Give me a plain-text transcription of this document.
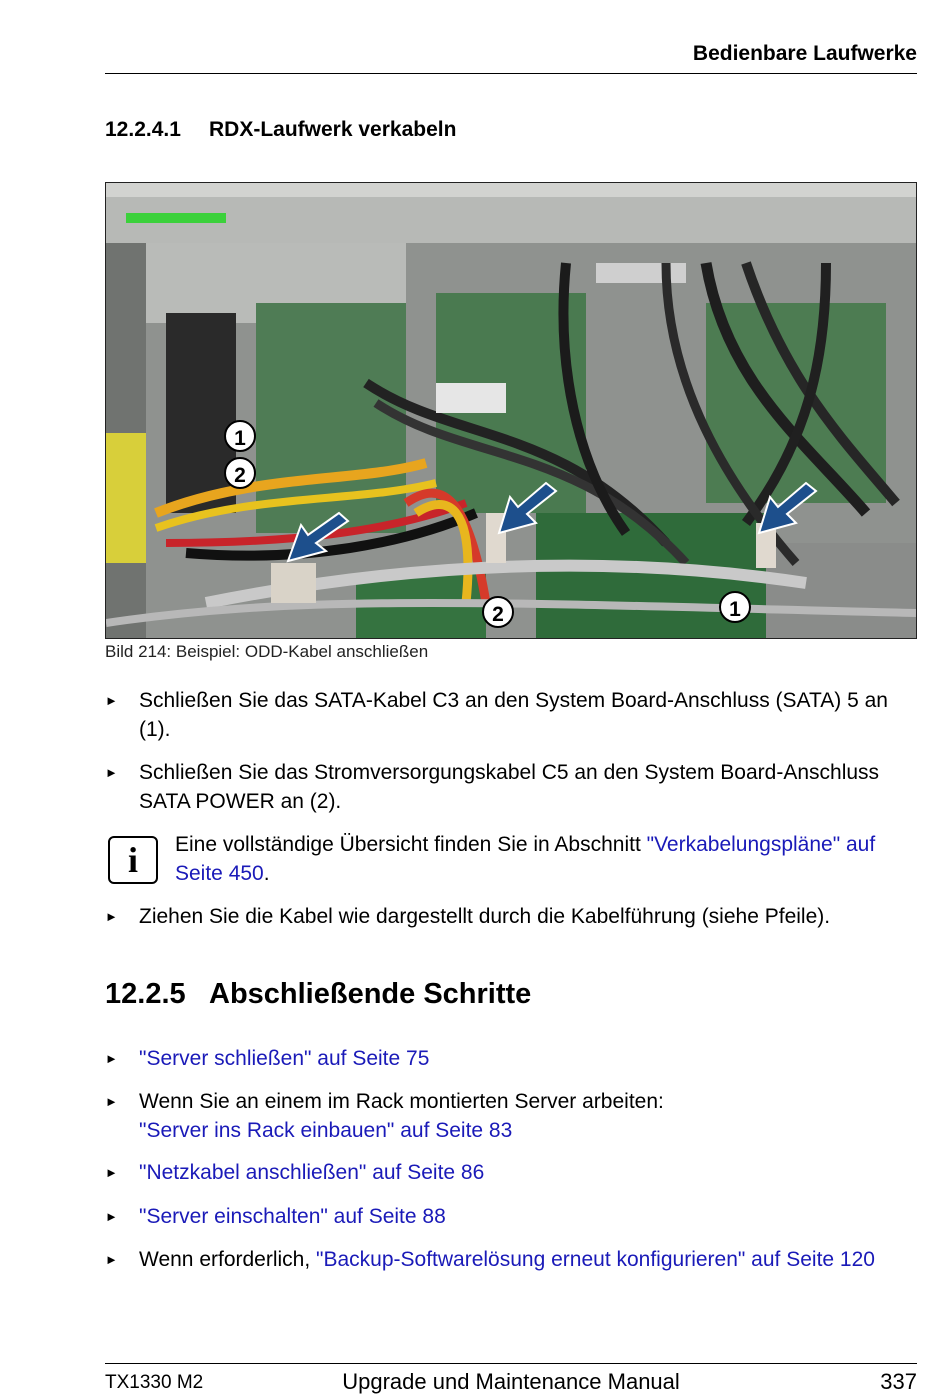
Bedienbare Laufwerke
12.2.4.1 RDX-Laufwerk verkabeln
1
2
2	1
Bild 214: Beispiel: ODD-Kabel anschließen
► Schließen Sie das SATA-Kabel C3 an den System Board-Anschluss (SATA) 5 an (1).
► Schließen Sie das Stromversorgungskabel C5 an den System Board-Anschluss SATA POWER an (2).
i	Eine vollständige Übersicht finden Sie in Abschnitt "Verkabelungspläne" auf Seite 450.
► Ziehen Sie die Kabel wie dargestellt durch die Kabelführung (siehe Pfeile).
12.2.5 Abschließende Schritte
► "Server schließen" auf Seite 75
► Wenn Sie an einem im Rack montierten Server arbeiten:
"Server ins Rack einbauen" auf Seite 83
► "Netzkabel anschließen" auf Seite 86
► "Server einschalten" auf Seite 88
► Wenn erforderlich, "Backup-Softwarelösung erneut konfigurieren" auf Seite 120
TX1330 M2	Upgrade und Maintenance Manual	337
